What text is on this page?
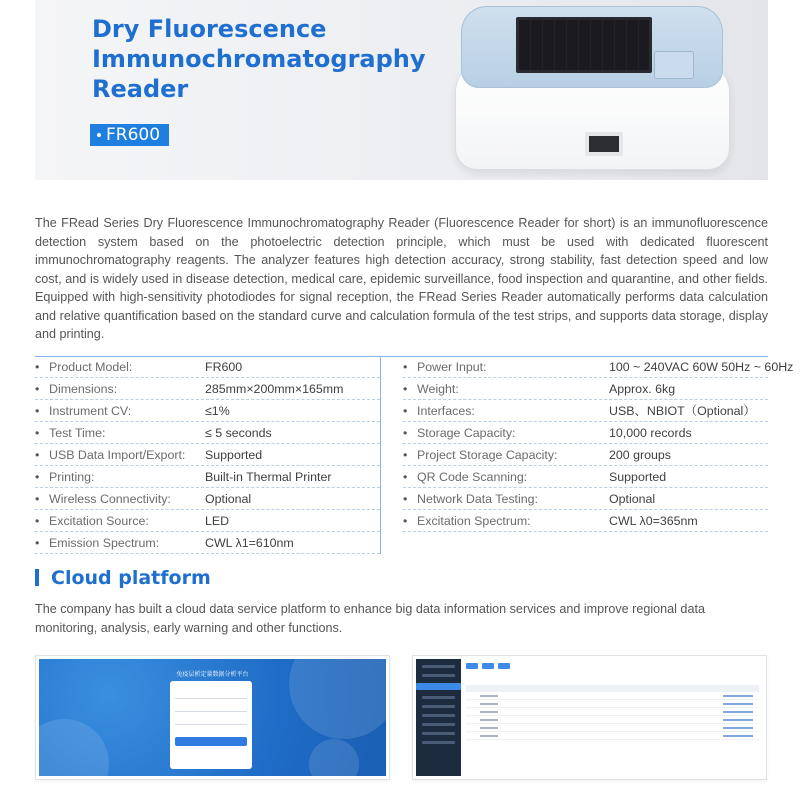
Dry Fluorescence
Immunochromatography
Reader
FR600

The FRead Series Dry Fluorescence Immunochromatography Reader (Fluorescence Reader for short) is an immunofluorescence detection system based on the photoelectric detection principle, which must be used with dedicated fluorescent immunochromatography reagents. The analyzer features high detection accuracy, strong stability, fast detection speed and low cost, and is widely used in disease detection, medical care, epidemic surveillance, food inspection and quarantine, and other fields. Equipped with high-sensitivity photodiodes for signal reception, the FRead Series Reader automatically performs data calculation and relative quantification based on the standard curve and calculation formula of the test strips, and supports data storage, display and printing.

• Product Model:	FR600
• Dimensions:	285mm×200mm×165mm
• Instrument CV:	≤1%
• Test Time:	≤ 5 seconds
• USB Data Import/Export: Supported
• Printing:	Built-in Thermal Printer
• Wireless Connectivity:	Optional
• Excitation Source:	LED
• Emission Spectrum:	CWL λ1=610nm
• Power Input:	100 ~ 240VAC 60W 50Hz ~ 60Hz
• Weight:	Approx. 6kg
• Interfaces:	USB、NBIOT（Optional）
• Storage Capacity:	10,000 records
• Project Storage Capacity:	200 groups
• QR Code Scanning:	Supported
• Network Data Testing:	Optional
• Excitation Spectrum:	CWL λ0=365nm
Cloud platform

The company has built a cloud data service platform to enhance big data information services and improve regional data monitoring, analysis, early warning and other functions.

免疫层析定量数据分析平台
